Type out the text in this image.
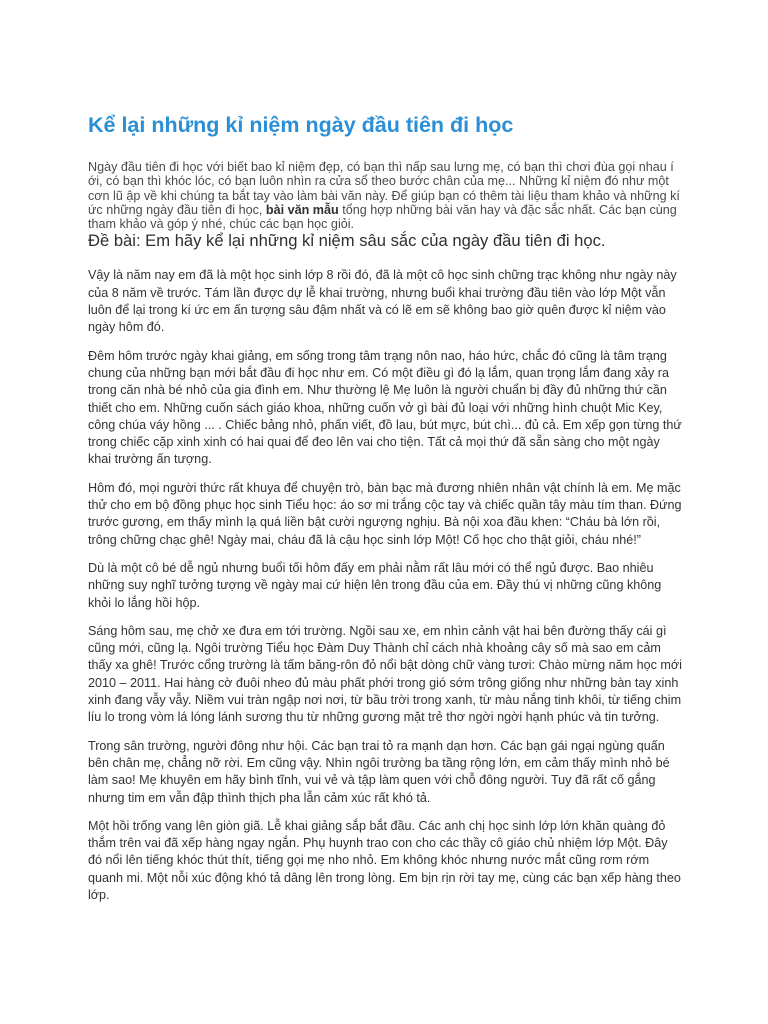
Kể lại những kỉ niệm ngày đầu tiên đi học

Ngày đầu tiên đi học với biết bao kỉ niệm đẹp, có bạn thì nấp sau lưng mẹ, có bạn thì chơi đùa gọi nhau í ới, có bạn thì khóc lóc, có bạn luôn nhìn ra cửa sổ theo bước chân của mẹ... Những kỉ niệm đó như một cơn lũ ập về khi chúng ta bắt tay vào làm bài văn này. Để giúp bạn có thêm tài liệu tham khảo và những kí ức những ngày đầu tiên đi học, bài văn mẫu tổng hợp những bài văn hay và đặc sắc nhất. Các bạn cùng tham khảo và góp ý nhé, chúc các bạn học giỏi.

Đề bài: Em hãy kể lại những kỉ niệm sâu sắc của ngày đầu tiên đi học.

Vậy là năm nay em đã là một học sinh lớp 8 rồi đó, đã là một cô học sinh chững trạc không như ngày này của 8 năm về trước. Tám lần được dự lễ khai trường, nhưng buổi khai trường đầu tiên vào lớp Một vẫn luôn để lại trong kí ức em ấn tượng sâu đậm nhất và có lẽ em sẽ không bao giờ quên được kỉ niệm vào ngày hôm đó.

Đêm hôm trước ngày khai giảng, em sống trong tâm trạng nôn nao, háo hức, chắc đó cũng là tâm trạng chung của những bạn mới bắt đầu đi học như em. Có một điều gì đó lạ lắm, quan trọng lắm đang xảy ra trong căn nhà bé nhỏ của gia đình em. Như thường lệ Mẹ luôn là người chuẩn bị đầy đủ những thứ cần thiết cho em. Những cuốn sách giáo khoa, những cuốn vở gì bài đủ loại với những hình chuột Mic Key, công chúa váy hồng ... . Chiếc bảng nhỏ, phấn viết, đồ lau, bút mực, bút chì... đủ cả. Em xếp gọn từng thứ trong chiếc cặp xinh xinh có hai quai để đeo lên vai cho tiện. Tất cả mọi thứ đã sẵn sàng cho một ngày khai trường ấn tượng.

Hôm đó, mọi người thức rất khuya để chuyện trò, bàn bạc mà đương nhiên nhân vật chính là em. Mẹ mặc thử cho em bộ đồng phục học sinh Tiểu học: áo sơ mi trắng cộc tay và chiếc quần tây màu tím than. Đứng trước gương, em thấy mình lạ quá liền bật cười ngượng nghịu. Bà nội xoa đầu khen: “Cháu bà lớn rồi, trông chững chạc ghê! Ngày mai, cháu đã là cậu học sinh lớp Một! Cố học cho thật giỏi, cháu nhé!”

Dù là một cô bé dễ ngủ nhưng buổi tối hôm đấy em phải nằm rất lâu mới có thể ngủ được. Bao nhiêu những suy nghĩ tưởng tượng về ngày mai cứ hiện lên trong đầu của em. Đầy thú vị những cũng không khỏi lo lắng hồi hộp.

Sáng hôm sau, mẹ chở xe đưa em tới trường. Ngồi sau xe, em nhìn cảnh vật hai bên đường thấy cái gì cũng mới, cũng lạ. Ngôi trường Tiểu học Đàm Duy Thành chỉ cách nhà khoảng cây số mà sao em cảm thấy xa ghê! Trước cổng trường là tấm băng-rôn đỏ nổi bật dòng chữ vàng tươi: Chào mừng năm học mới 2010 – 2011. Hai hàng cờ đuôi nheo đủ màu phất phới trong gió sớm trông giống như những bàn tay xinh xinh đang vẫy vẫy. Niềm vui tràn ngập nơi nơi, từ bầu trời trong xanh, từ màu nắng tinh khôi, từ tiếng chim líu lo trong vòm lá lóng lánh sương thu từ những gương mặt trẻ thơ ngời ngời hạnh phúc và tin tưởng.

Trong sân trường, người đông như hội. Các bạn trai tỏ ra mạnh dạn hơn. Các bạn gái ngại ngùng quấn bên chân mẹ, chẳng nỡ rời. Em cũng vậy. Nhìn ngôi trường ba tầng rộng lớn, em cảm thấy mình nhỏ bé làm sao! Mẹ khuyên em hãy bình tĩnh, vui vẻ và tập làm quen với chỗ đông người. Tuy đã rất cố gắng nhưng tim em vẫn đập thình thịch pha lẫn cảm xúc rất khó tả.

Một hồi trống vang lên giòn giã. Lễ khai giảng sắp bắt đầu. Các anh chị học sinh lớp lớn khăn quàng đỏ thắm trên vai đã xếp hàng ngay ngắn. Phụ huynh trao con cho các thầy cô giáo chủ nhiệm lớp Một. Đây đó nổi lên tiếng khóc thút thít, tiếng gọi mẹ nho nhỏ. Em không khóc nhưng nước mắt cũng rơm rớm quanh mi. Một nỗi xúc động khó tả dâng lên trong lòng. Em bịn rịn rời tay mẹ, cùng các bạn xếp hàng theo lớp.
